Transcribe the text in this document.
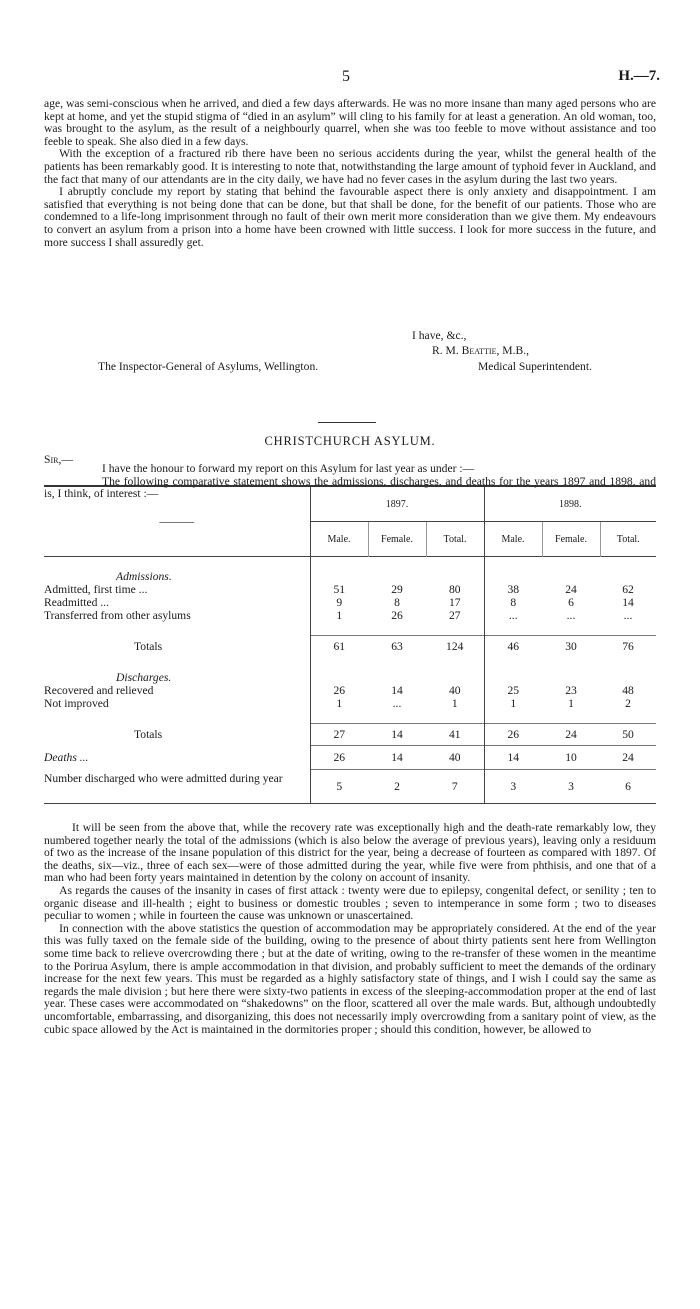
5	H.—7.

age, was semi-conscious when he arrived, and died a few days afterwards. He was no more insane than many aged persons who are kept at home, and yet the stupid stigma of “died in an asylum” will cling to his family for at least a generation. An old woman, too, was brought to the asylum, as the result of a neighbourly quarrel, when she was too feeble to move without assistance and too feeble to speak. She also died in a few days.

With the exception of a fractured rib there have been no serious accidents during the year, whilst the general health of the patients has been remarkably good. It is interesting to note that, notwithstanding the large amount of typhoid fever in Auckland, and the fact that many of our attendants are in the city daily, we have had no fever cases in the asylum during the last two years.

I abruptly conclude my report by stating that behind the favourable aspect there is only anxiety and disappointment. I am satisfied that everything is not being done that can be done, but that shall be done, for the benefit of our patients. Those who are condemned to a life-long imprisonment through no fault of their own merit more consideration than we give them. My endeavours to convert an asylum from a prison into a home have been crowned with little success. I look for more success in the future, and more success I shall assuredly get.

I have, &c.,
R. M. Beattie, M.B.,
The Inspector-General of Asylums, Wellington.	Medical Superintendent.
CHRISTCHURCH ASYLUM.
Sir,—

I have the honour to forward my report on this Asylum for last year as under :—

The following comparative statement shows the admissions, discharges, and deaths for the years 1897 and 1898, and is, I think, of interest :—

———	1897.			1898.		
	Male.	Female.	Total.	Male.	Female.	Total.

Admissions.						
Admitted, first time ...	51	29	80	38	24	62
Readmitted ...	9	8	17	8	6	14
Transferred from other asylums	1	26	27	...	...	...

Totals	61	63	124	46	30	76

Discharges.						
Recovered and relieved	26	14	40	25	23	48
Not improved	1	...	1	1	1	2

Totals	27	14	41	26	24	50
Deaths ...	26	14	40	14	10	24
Number discharged who were admitted during year	5	2	7	3	3	6

It will be seen from the above that, while the recovery rate was exceptionally high and the death-rate remarkably low, they numbered together nearly the total of the admissions (which is also below the average of previous years), leaving only a residuum of two as the increase of the insane population of this district for the year, being a decrease of fourteen as compared with 1897. Of the deaths, six—viz., three of each sex—were of those admitted during the year, while five were from phthisis, and one that of a man who had been forty years maintained in detention by the colony on account of insanity.

As regards the causes of the insanity in cases of first attack : twenty were due to epilepsy, congenital defect, or senility ; ten to organic disease and ill-health ; eight to business or domestic troubles ; seven to intemperance in some form ; two to diseases peculiar to women ; while in fourteen the cause was unknown or unascertained.

In connection with the above statistics the question of accommodation may be appropriately considered. At the end of the year this was fully taxed on the female side of the building, owing to the presence of about thirty patients sent here from Wellington some time back to relieve overcrowding there ; but at the date of writing, owing to the re-transfer of these women in the meantime to the Porirua Asylum, there is ample accommodation in that division, and probably sufficient to meet the demands of the ordinary increase for the next few years. This must be regarded as a highly satisfactory state of things, and I wish I could say the same as regards the male division ; but here there were sixty-two patients in excess of the sleeping-accommodation proper at the end of last year. These cases were accommodated on “shakedowns” on the floor, scattered all over the male wards. But, although undoubtedly uncomfortable, embarrassing, and disorganizing, this does not necessarily imply overcrowding from a sanitary point of view, as the cubic space allowed by the Act is maintained in the dormitories proper ; should this condition, however, be allowed to
